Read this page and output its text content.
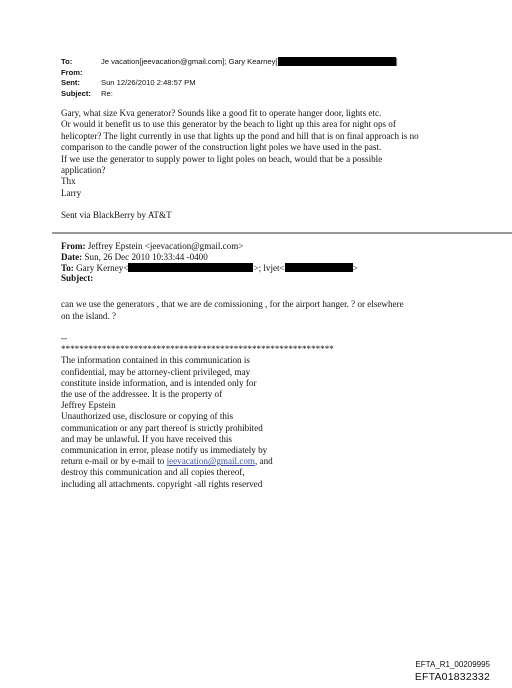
To:	Je vacation[jeevacation@gmail.com]; Gary Kearney[	]
From:
Sent:	Sun 12/26/2010 2:48:57 PM
Subject:	Re:

Gary, what size Kva generator? Sounds like a good fit to operate hanger door, lights etc.

Or would it benefit us to use this generator by the beach to light up this area for night ops of

helicopter? The light currently in use that lights up the pond and hill that is on final approach is no

comparison to the candle power of the construction light poles we have used in the past.

If we use the generator to supply power to light poles on beach, would that be a possible

application?

Thx

Larry

Sent via BlackBerry by AT&T

From: Jeffrey Epstein <jeevacation@gmail.com>
Date: Sun, 26 Dec 2010 10:33:44 -0400
To: Gary Kerney<	>; lvjet<	>
Subject:

can we use the generators , that we are de comissioning , for the airport hanger. ? or elsewhere

on the island. ?

--

************************************************************

The information contained in this communication is

confidential, may be attorney-client privileged, may

constitute inside information, and is intended only for

the use of the addressee. It is the property of

Jeffrey Epstein

Unauthorized use, disclosure or copying of this

communication or any part thereof is strictly prohibited

and may be unlawful. If you have received this

communication in error, please notify us immediately by

return e-mail or by e-mail to jeevacation@gmail.com, and

destroy this communication and all copies thereof,

including all attachments. copyright -all rights reserved

EFTA_R1_00209995
EFTA01832332
